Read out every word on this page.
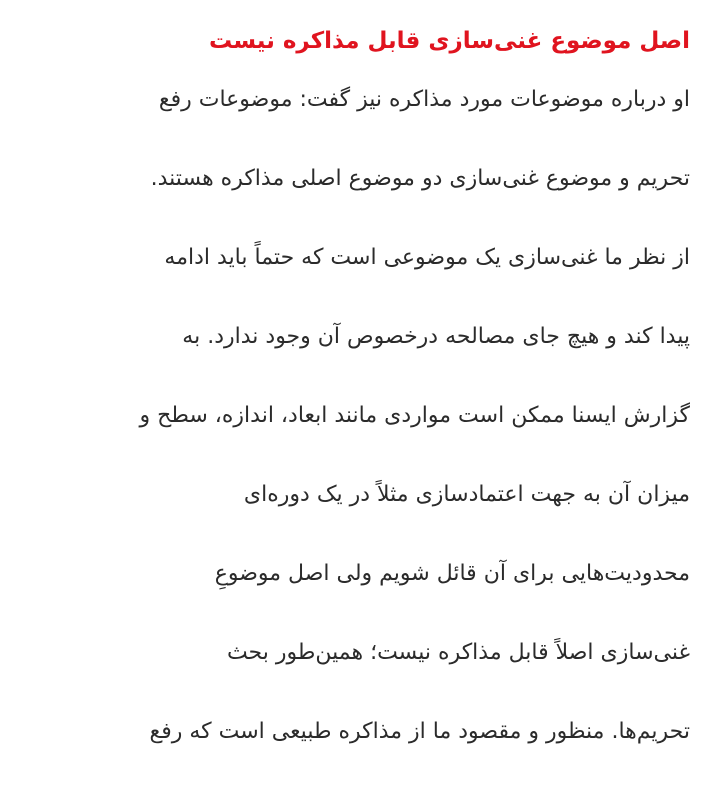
اصل موضوع غنی‌سازی قابل مذاکره نیست
او درباره موضوعات مورد مذاکره نیز گفت: موضوعات رفع
تحریم و موضوع غنی‌سازی دو موضوع اصلی مذاکره هستند.
از نظر ما غنی‌سازی یک موضوعی است که حتماً باید ادامه
پیدا کند و هیچ جای مصالحه درخصوص آن وجود ندارد. به
گزارش ایسنا ممکن است مواردی مانند ابعاد، اندازه، سطح و
میزان آن به جهت اعتمادسازی مثلاً در یک دوره‌ای
محدودیت‌هایی برای آن قائل شویم ولی اصل موضوعِ
غنی‌سازی اصلاً قابل مذاکره نیست؛ همین‌طور بحث
تحریم‌ها. منظور و مقصود ما از مذاکره طبیعی است که رفع
